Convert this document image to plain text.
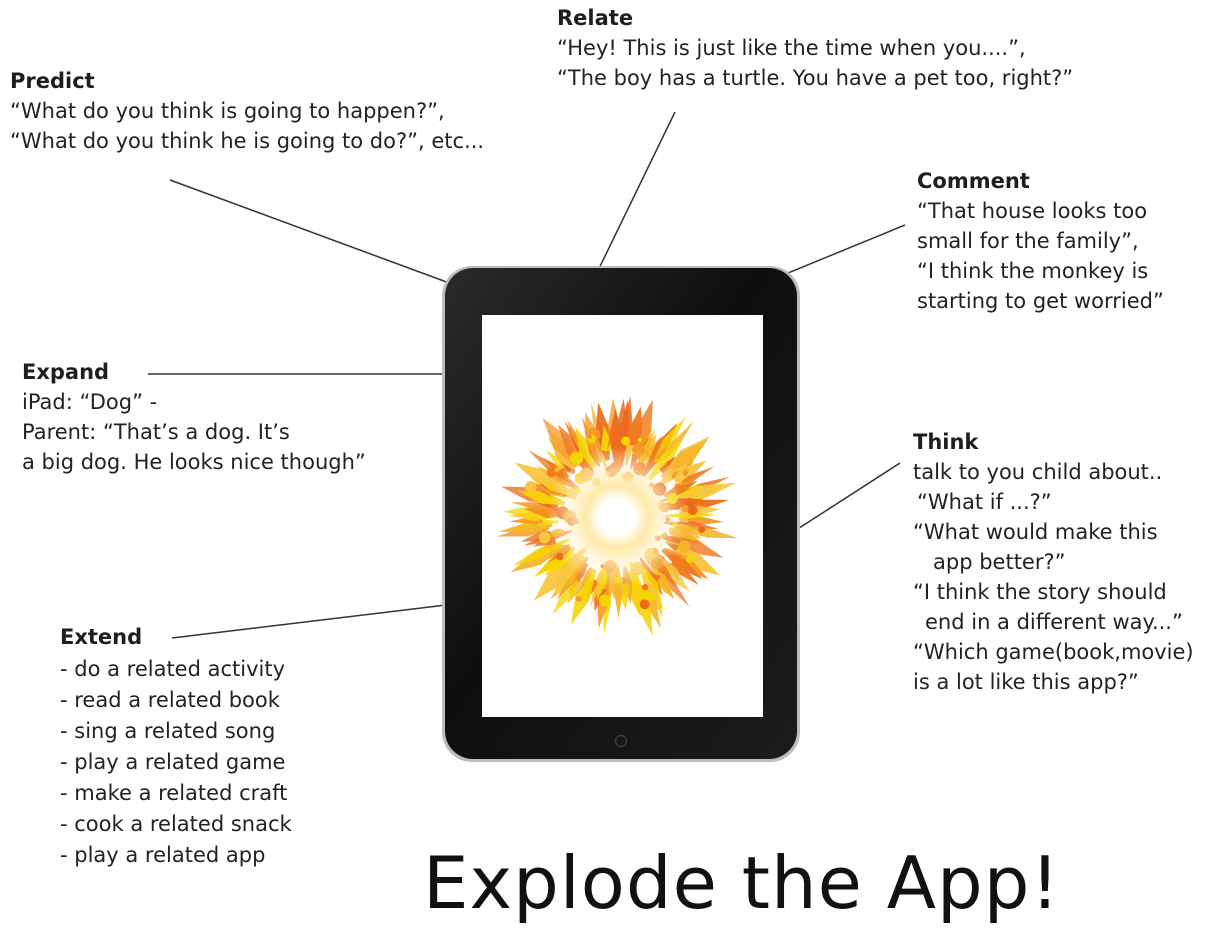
Predict

“What do you think is going to happen?”,

“What do you think he is going to do?”, etc...

Relate

“Hey! This is just like the time when you....”,

“The boy has a turtle. You have a pet too, right?”

Comment

“That house looks too

small for the family”,

“I think the monkey is

starting to get worried”

Expand

iPad: “Dog” -

Parent: “That’s a dog. It’s

a big dog. He looks nice though”

Think

talk to you child about..

“What if ...?”

“What would make this

app better?”

“I think the story should

end in a different way...”

“Which game(book,movie)

is a lot like this app?”

Extend

- do a related activity

- read a related book

- sing a related song

- play a related game

- make a related craft

- cook a related snack

- play a related app	Explode the App!
